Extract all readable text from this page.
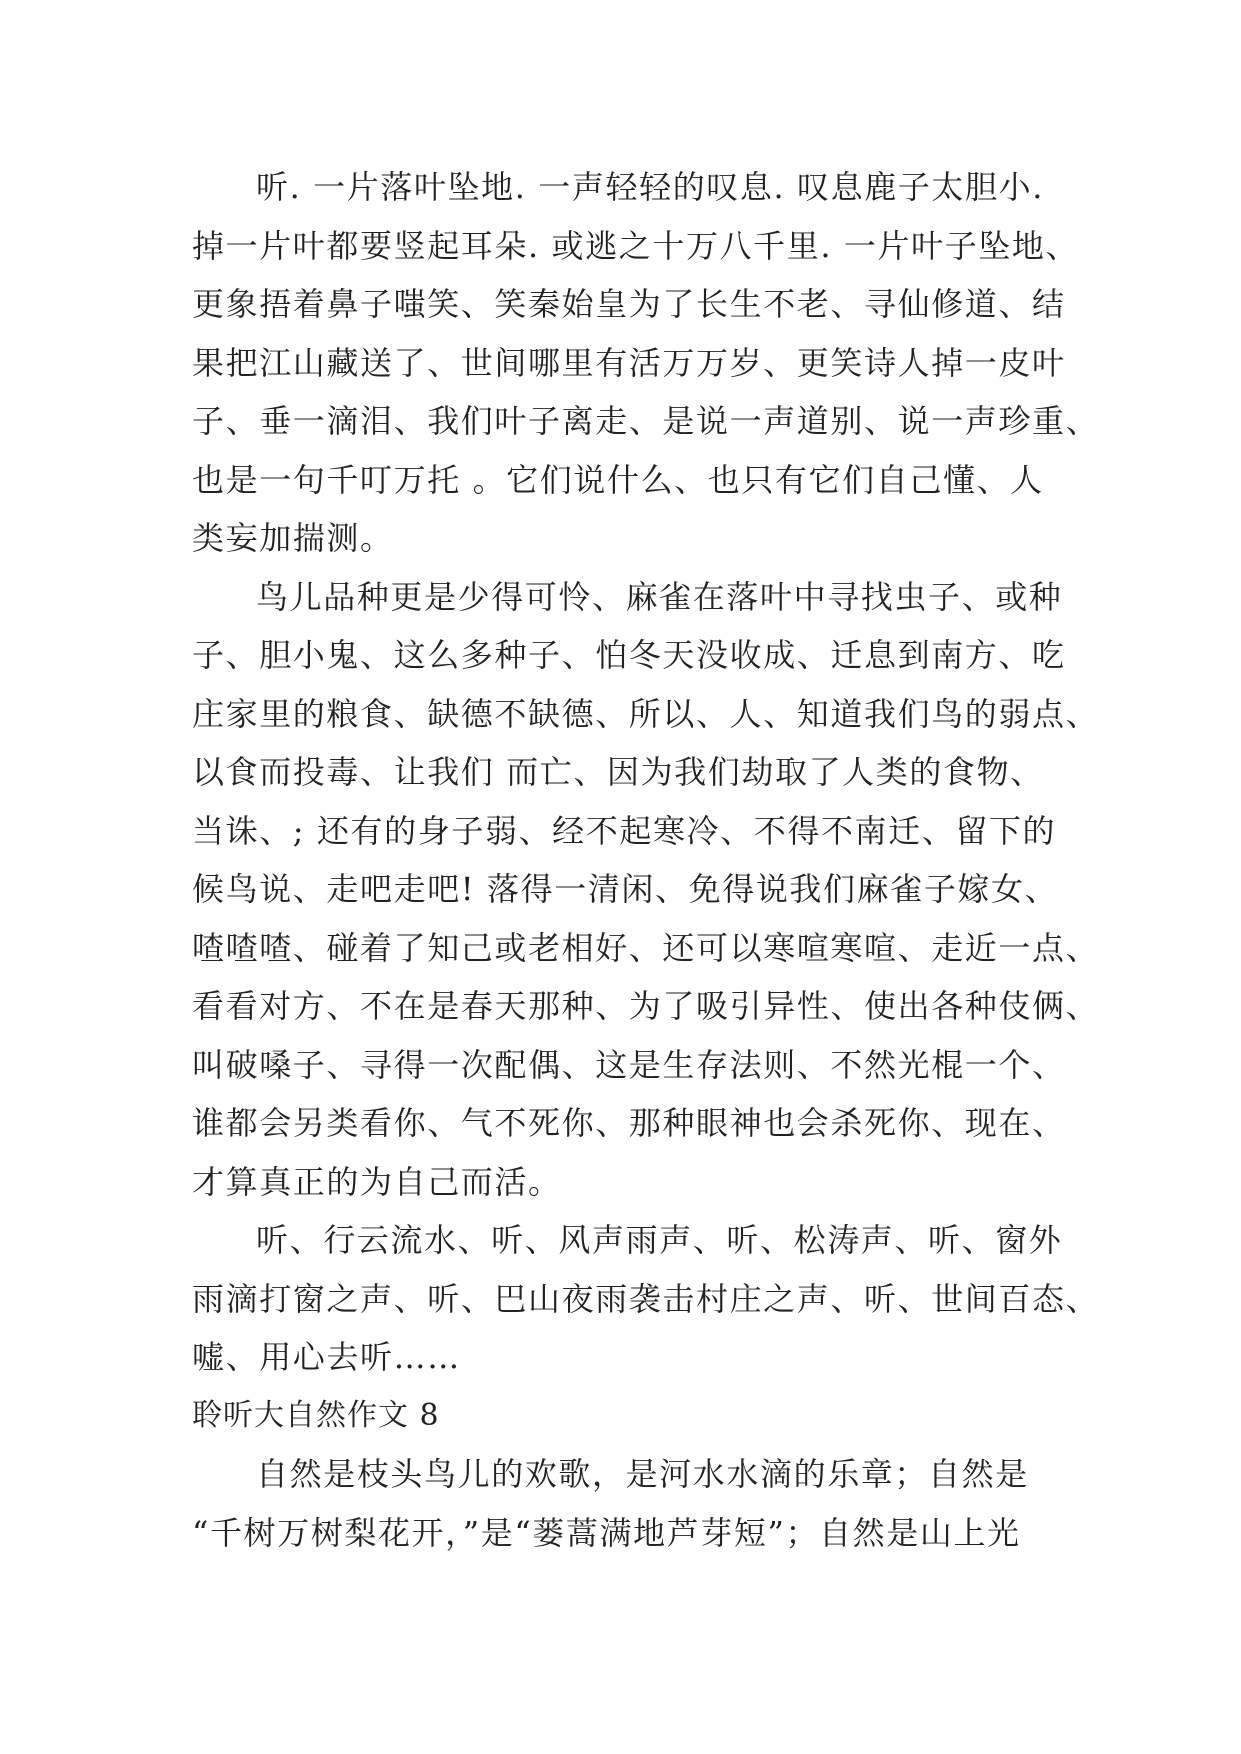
听. 一片落叶坠地. 一声轻轻的叹息. 叹息鹿子太胆小.
掉一片叶都要竖起耳朵. 或逃之十万八千里. 一片叶子坠地、
更象捂着鼻子嗤笑、笑秦始皇为了长生不老、寻仙修道、结
果把江山藏送了、世间哪里有活万万岁、更笑诗人掉一皮叶
子、垂一滴泪、我们叶子离走、是说一声道别、说一声珍重、
也是一句千叮万托 。它们说什么、也只有它们自己懂、人
类妄加揣测。
鸟儿品种更是少得可怜、麻雀在落叶中寻找虫子、或种
子、胆小鬼、这么多种子、怕冬天没收成、迁息到南方、吃
庄家里的粮食、缺德不缺德、所以、人、知道我们鸟的弱点、
以食而投毒、让我们 而亡、因为我们劫取了人类的食物、
当诛、; 还有的身子弱、经不起寒冷、不得不南迁、留下的
候鸟说、走吧走吧! 落得一清闲、免得说我们麻雀子嫁女、
喳喳喳、碰着了知己或老相好、还可以寒喧寒喧、走近一点、
看看对方、不在是春天那种、为了吸引异性、使出各种伎俩、
叫破嗓子、寻得一次配偶、这是生存法则、不然光棍一个、
谁都会另类看你、气不死你、那种眼神也会杀死你、现在、
才算真正的为自己而活。
听、行云流水、听、风声雨声、听、松涛声、听、窗外
雨滴打窗之声、听、巴山夜雨袭击村庄之声、听、世间百态、
嘘、用心去听……
聆听大自然作文 8
自然是枝头鸟儿的欢歌，是河水水滴的乐章；自然是
“千树万树梨花开，”是“蒌蒿满地芦芽短”；自然是山上光
